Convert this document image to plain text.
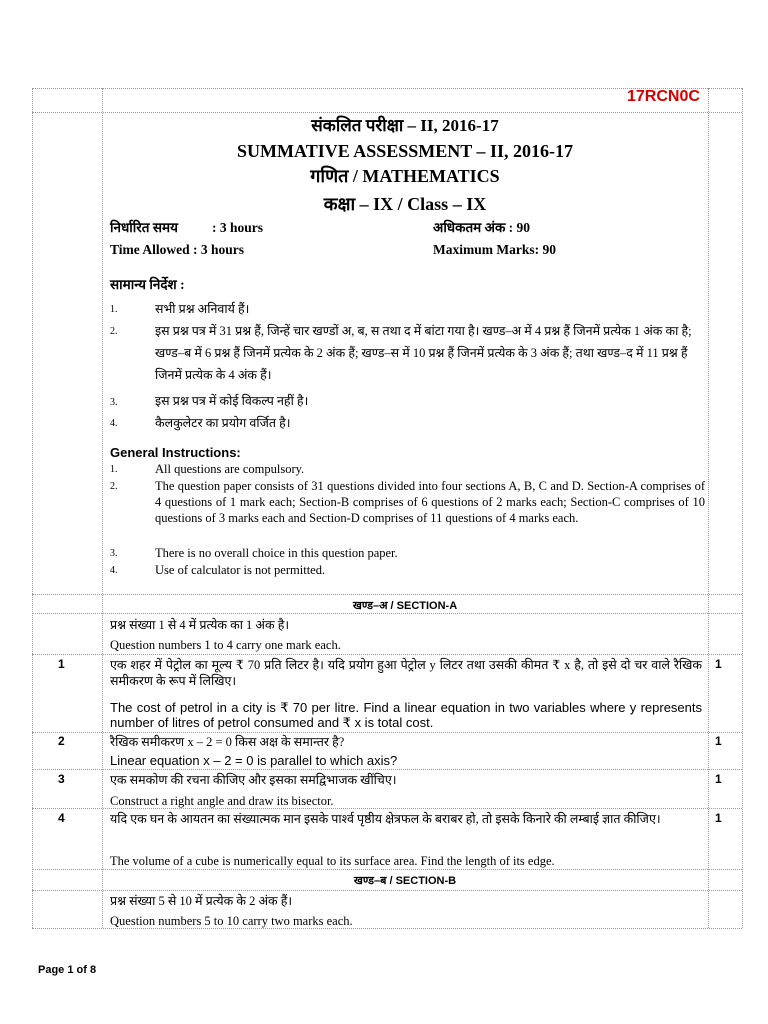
17RCN0C
संकलित परीक्षा – II, 2016-17
SUMMATIVE ASSESSMENT – II, 2016-17
गणित / MATHEMATICS
कक्षा – IX / Class – IX
निर्धारित समय	: 3 hours	अधिकतम अंक : 90
Time Allowed : 3 hours	Maximum Marks: 90
सामान्य निर्देश :
1.	सभी प्रश्न अनिवार्य हैं।
2.	इस प्रश्न पत्र में 31 प्रश्न हैं, जिन्हें चार खण्डों अ, ब, स तथा द में बांटा गया है। खण्ड–अ में 4 प्रश्न हैं जिनमें प्रत्येक 1 अंक का है; खण्ड–ब में 6 प्रश्न हैं जिनमें प्रत्येक के 2 अंक हैं; खण्ड–स में 10 प्रश्न हैं जिनमें प्रत्येक के 3 अंक हैं; तथा खण्ड–द में 11 प्रश्न हैं जिनमें प्रत्येक के 4 अंक हैं।
3.	इस प्रश्न पत्र में कोई विकल्प नहीं है।
4.	कैलकुलेटर का प्रयोग वर्जित है।
General Instructions:
1.	All questions are compulsory.
2.	The question paper consists of 31 questions divided into four sections A, B, C and D. Section-A comprises of 4 questions of 1 mark each; Section-B comprises of 6 questions of 2 marks each; Section-C comprises of 10 questions of 3 marks each and Section-D comprises of 11 questions of 4 marks each.
3.	There is no overall choice in this question paper.
4.	Use of calculator is not permitted.
खण्ड–अ / SECTION-A
प्रश्न संख्या 1 से 4 में प्रत्येक का 1 अंक है।
Question numbers 1 to 4 carry one mark each.
1	एक शहर में पेट्रोल का मूल्य ₹ 70 प्रति लिटर है। यदि प्रयोग हुआ पेट्रोल y लिटर तथा उसकी कीमत ₹ x है, तो इसे दो चर वाले रैखिक समीकरण के रूप में लिखिए।
The cost of petrol in a city is ₹ 70 per litre. Find a linear equation in two variables where y represents number of litres of petrol consumed and ₹ x is total cost.
1
2	रैखिक समीकरण x – 2 = 0 किस अक्ष के समान्तर है?
Linear equation x – 2 = 0 is parallel to which axis?
1
3	एक समकोण की रचना कीजिए और इसका समद्विभाजक खींचिए।
Construct a right angle and draw its bisector.
1
4	यदि एक घन के आयतन का संख्यात्मक मान इसके पार्श्व पृष्ठीय क्षेत्रफल के बराबर हो, तो इसके किनारे की लम्बाई ज्ञात कीजिए।
The volume of a cube is numerically equal to its surface area. Find the length of its edge.
1
खण्ड–ब / SECTION-B
प्रश्न संख्या 5 से 10 में प्रत्येक के 2 अंक हैं।
Question numbers 5 to 10 carry two marks each.
Page 1 of 8
